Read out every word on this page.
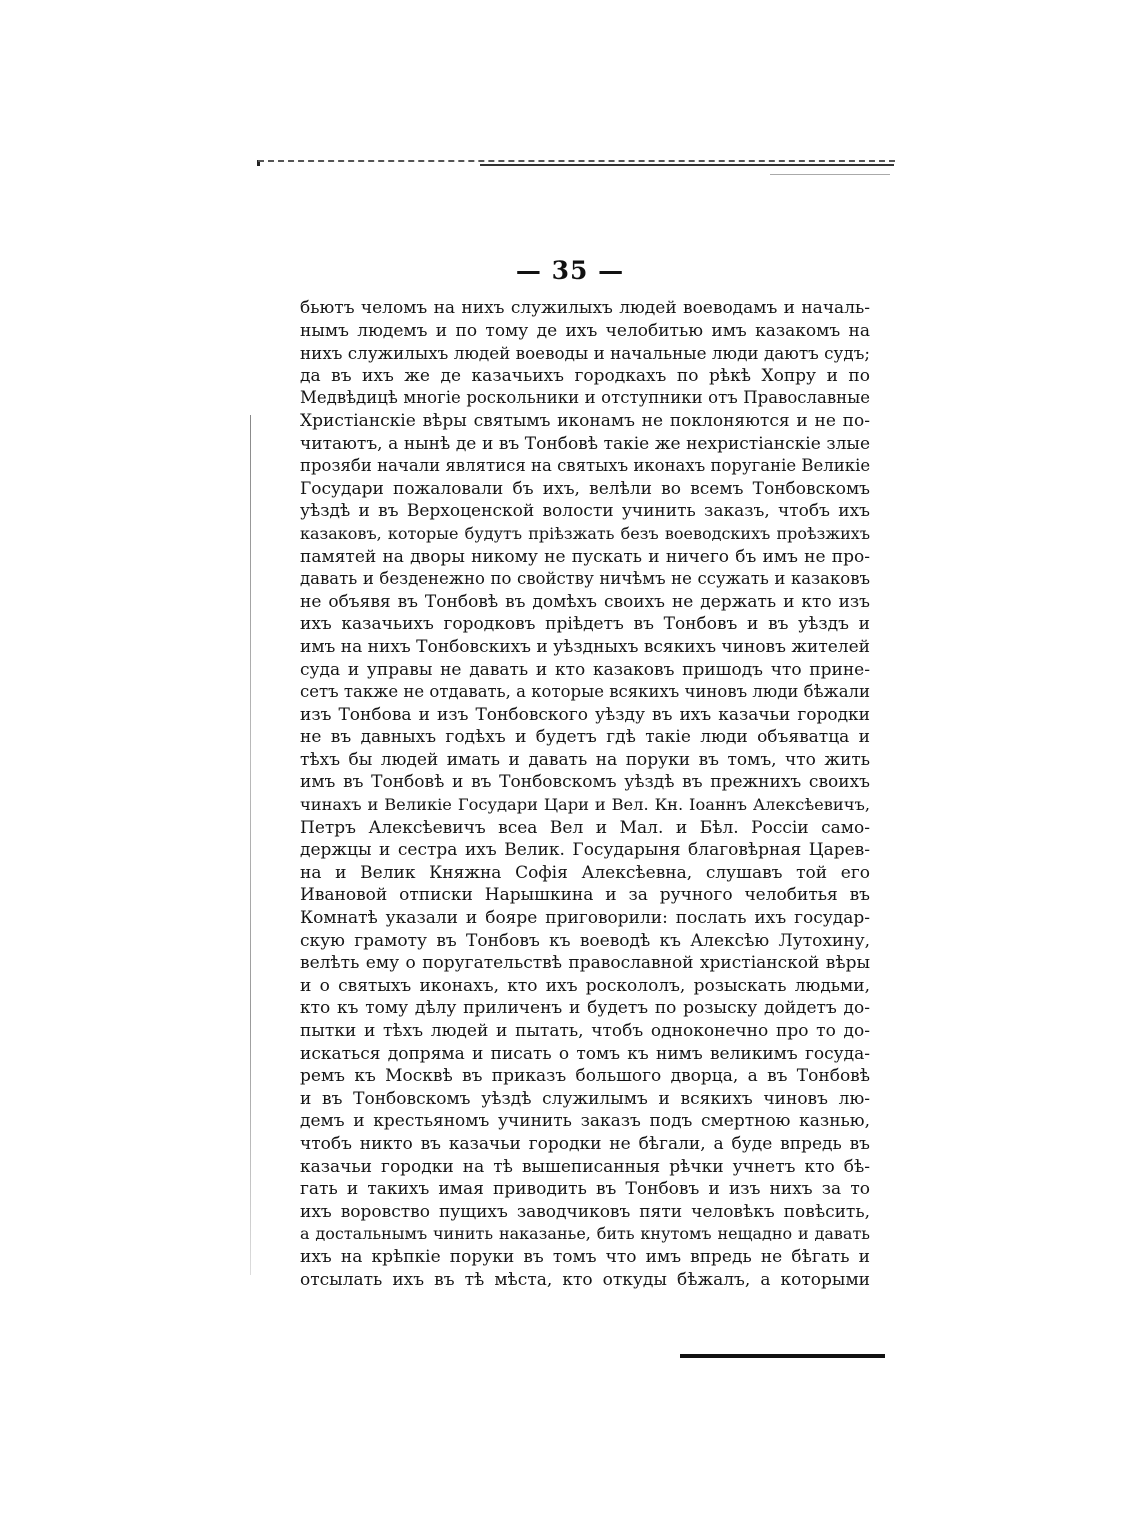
— 35 —
бьютъ челомъ на нихъ служилыхъ людей воеводамъ и началь-
нымъ людемъ и по тому де ихъ челобитью имъ казакомъ на
нихъ служилыхъ людей воеводы и начальные люди даютъ судъ;
да въ ихъ же де казачьихъ городкахъ по рѣкѣ Хопру и по
Медвѣдицѣ многіе роскольники и отступники отъ Православные
Христіанскіе вѣры святымъ иконамъ не поклоняются и не по-
читаютъ, а нынѣ де и въ Тонбовѣ такіе же нехристіанскіе злые
прозяби начали являтися на святыхъ иконахъ поруганіе Великіе
Государи пожаловали бъ ихъ, велѣли во всемъ Тонбовскомъ
уѣздѣ и въ Верхоценской волости учинить заказъ, чтобъ ихъ
казаковъ, которые будутъ пріѣзжать безъ воеводскихъ проѣзжихъ
памятей на дворы никому не пускать и ничего бъ имъ не про-
давать и безденежно по свойству ничѣмъ не ссужать и казаковъ
не объявя въ Тонбовѣ въ домѣхъ своихъ не держать и кто изъ
ихъ казачьихъ городковъ пріѣдетъ въ Тонбовъ и въ уѣздъ и
имъ на нихъ Тонбовскихъ и уѣздныхъ всякихъ чиновъ жителей
суда и управы не давать и кто казаковъ пришодъ что прине-
сетъ также не отдавать, а которые всякихъ чиновъ люди бѣжали
изъ Тонбова и изъ Тонбовского уѣзду въ ихъ казачьи городки
не въ давныхъ годѣхъ и будетъ гдѣ такіе люди объяватца и
тѣхъ бы людей имать и давать на поруки въ томъ, что жить
имъ въ Тонбовѣ и въ Тонбовскомъ уѣздѣ въ прежнихъ своихъ
чинахъ и Великіе Государи Цари и Вел. Кн. Іоаннъ Алексѣевичъ,
Петръ Алексѣевичъ всеа Вел и Мал. и Бѣл. Россіи само-
держцы и сестра ихъ Велик. Государыня благовѣрная Царев-
на и Велик Княжна Софія Алексѣевна, слушавъ той его
Ивановой отписки Нарышкина и за ручного челобитья въ
Комнатѣ указали и бояре приговорили: послать ихъ государ-
скую грамоту въ Тонбовъ къ воеводѣ къ Алексѣю Лутохину,
велѣть ему о поругательствѣ православной христіанской вѣры
и о святыхъ иконахъ, кто ихъ роскололъ, розыскать людьми,
кто къ тому дѣлу приличенъ и будетъ по розыску дойдетъ до-
пытки и тѣхъ людей и пытать, чтобъ одноконечно про то до-
искаться допряма и писать о томъ къ нимъ великимъ госуда-
ремъ къ Москвѣ въ приказъ большого дворца, а въ Тонбовѣ
и въ Тонбовскомъ уѣздѣ служилымъ и всякихъ чиновъ лю-
демъ и крестьяномъ учинить заказъ подъ смертною казнью,
чтобъ никто въ казачьи городки не бѣгали, а буде впредь въ
казачьи городки на тѣ вышеписанныя рѣчки учнетъ кто бѣ-
гать и такихъ имая приводить въ Тонбовъ и изъ нихъ за то
ихъ воровство пущихъ заводчиковъ пяти человѣкъ повѣсить,
а достальнымъ чинить наказанье, бить кнутомъ нещадно и давать
ихъ на крѣпкіе поруки въ томъ что имъ впредь не бѣгать и
отсылать ихъ въ тѣ мѣста, кто откуды бѣжалъ, а которыми
